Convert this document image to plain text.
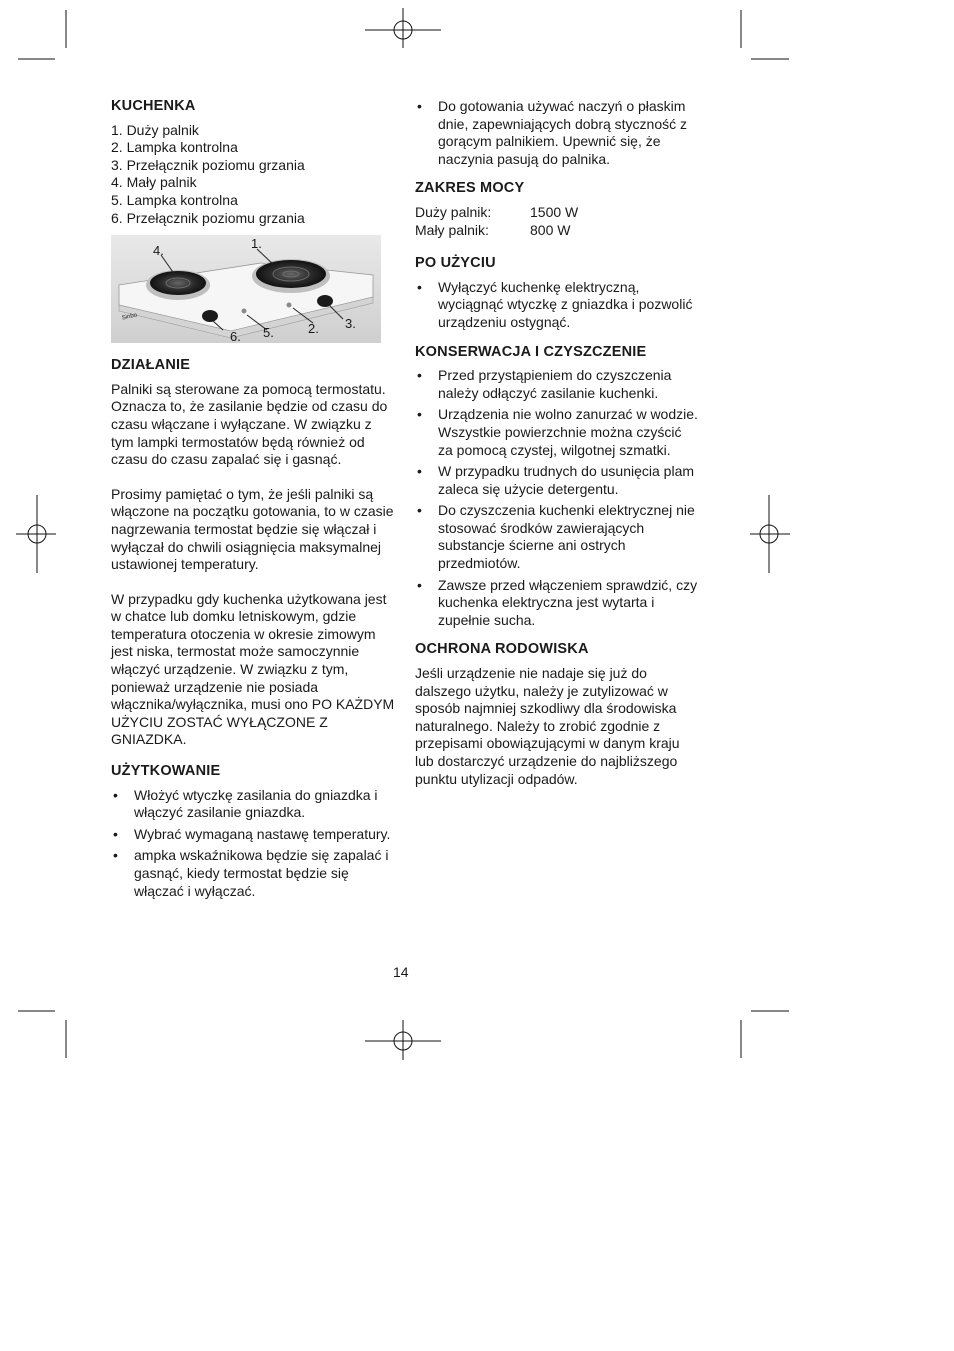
KUCHENKA
1. Duży palnik
2. Lampka kontrolna
3. Przełącznik poziomu grzania
4. Mały palnik
5. Lampka kontrolna
6. Przełącznik poziomu grzania
Sinbo
1.
2. 3.
4.
5.
6.
DZIAŁANIE

Palniki są sterowane za pomocą termostatu. Oznacza to, że zasilanie będzie od czasu do czasu włączane i wyłączane. W związku z tym lampki termostatów będą również od czasu do czasu zapalać się i gasnąć.

Prosimy pamiętać o tym, że jeśli palniki są włączone na początku gotowania, to w czasie nagrzewania termostat będzie się włączał i wyłączał do chwili osiągnięcia maksymalnej ustawionej temperatury.

W przypadku gdy kuchenka użytkowana jest w chatce lub domku letniskowym, gdzie temperatura otoczenia w okresie zimowym jest niska, termostat może samoczynnie włączyć urządzenie. W związku z tym, ponieważ urządzenie nie posiada włącznika/wyłącznika, musi ono PO KAŻDYM UŻYCIU ZOSTAĆ WYŁĄCZONE Z GNIAZDKA.

UŻYTKOWANIE
• Włożyć wtyczkę zasilania do gniazdka i włączyć zasilanie gniazdka.
• Wybrać wymaganą nastawę temperatury.
• ampka wskaźnikowa będzie się zapalać i gasnąć, kiedy termostat będzie się włączać i wyłączać.
• Do gotowania używać naczyń o płaskim dnie, zapewniających dobrą styczność z gorącym palnikiem. Upewnić się, że naczynia pasują do palnika.
ZAKRES MOCY
Duży palnik:	1500 W
Mały palnik:	800 W
PO UŻYCIU
• Wyłączyć kuchenkę elektryczną, wyciągnąć wtyczkę z gniazdka i pozwolić urządzeniu ostygnąć.
KONSERWACJA I CZYSZCZENIE
• Przed przystąpieniem do czyszczenia należy odłączyć zasilanie kuchenki.
• Urządzenia nie wolno zanurzać w wodzie. Wszystkie powierzchnie można czyścić za pomocą czystej, wilgotnej szmatki.
• W przypadku trudnych do usunięcia plam zaleca się użycie detergentu.
• Do czyszczenia kuchenki elektrycznej nie stosować środków zawierających substancje ścierne ani ostrych przedmiotów.
• Zawsze przed włączeniem sprawdzić, czy kuchenka elektryczna jest wytarta i zupełnie sucha.
OCHRONA RODOWISKA

Jeśli urządzenie nie nadaje się już do dalszego użytku, należy je zutylizować w sposób najmniej szkodliwy dla środowiska naturalnego. Należy to zrobić zgodnie z przepisami obowiązującymi w danym kraju lub dostarczyć urządzenie do najbliższego punktu utylizacji odpadów.

14
